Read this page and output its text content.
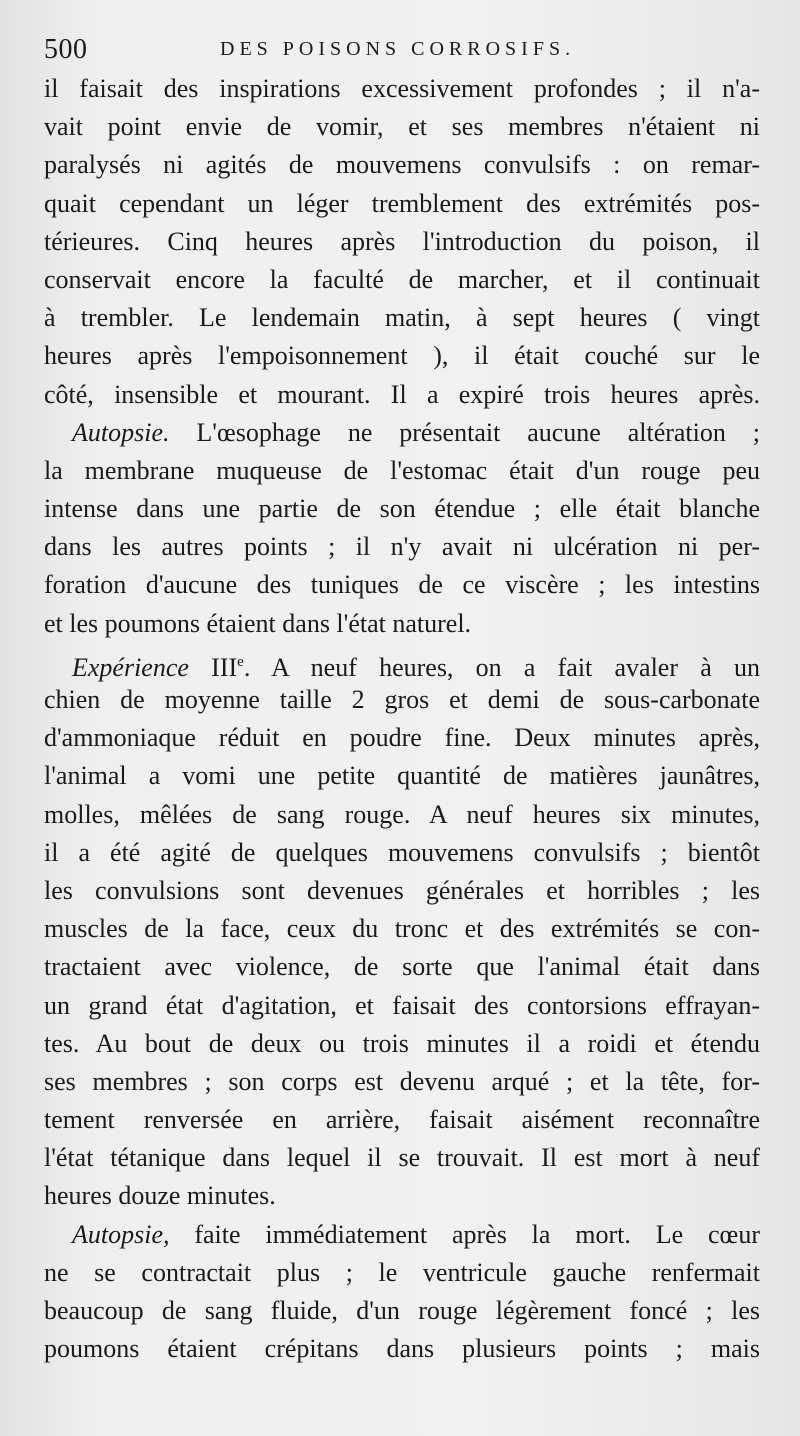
500	DES POISONS CORROSIFS.
il faisait des inspirations excessivement profondes ; il n'a-
vait point envie de vomir, et ses membres n'étaient ni
paralysés ni agités de mouvemens convulsifs : on remar-
quait cependant un léger tremblement des extrémités pos-
térieures. Cinq heures après l'introduction du poison, il
conservait encore la faculté de marcher, et il continuait
à trembler. Le lendemain matin, à sept heures ( vingt
heures après l'empoisonnement ), il était couché sur le
côté, insensible et mourant. Il a expiré trois heures après.
Autopsie. L'œsophage ne présentait aucune altération ;
la membrane muqueuse de l'estomac était d'un rouge peu
intense dans une partie de son étendue ; elle était blanche
dans les autres points ; il n'y avait ni ulcération ni per-
foration d'aucune des tuniques de ce viscère ; les intestins
et les poumons étaient dans l'état naturel.
Expérience IIIe. A neuf heures, on a fait avaler à un
chien de moyenne taille 2 gros et demi de sous-carbonate
d'ammoniaque réduit en poudre fine. Deux minutes après,
l'animal a vomi une petite quantité de matières jaunâtres,
molles, mêlées de sang rouge. A neuf heures six minutes,
il a été agité de quelques mouvemens convulsifs ; bientôt
les convulsions sont devenues générales et horribles ; les
muscles de la face, ceux du tronc et des extrémités se con-
tractaient avec violence, de sorte que l'animal était dans
un grand état d'agitation, et faisait des contorsions effrayan-
tes. Au bout de deux ou trois minutes il a roidi et étendu
ses membres ; son corps est devenu arqué ; et la tête, for-
tement renversée en arrière, faisait aisément reconnaître
l'état tétanique dans lequel il se trouvait. Il est mort à neuf
heures douze minutes.
Autopsie, faite immédiatement après la mort. Le cœur
ne se contractait plus ; le ventricule gauche renfermait
beaucoup de sang fluide, d'un rouge légèrement foncé ; les
poumons étaient crépitans dans plusieurs points ; mais
